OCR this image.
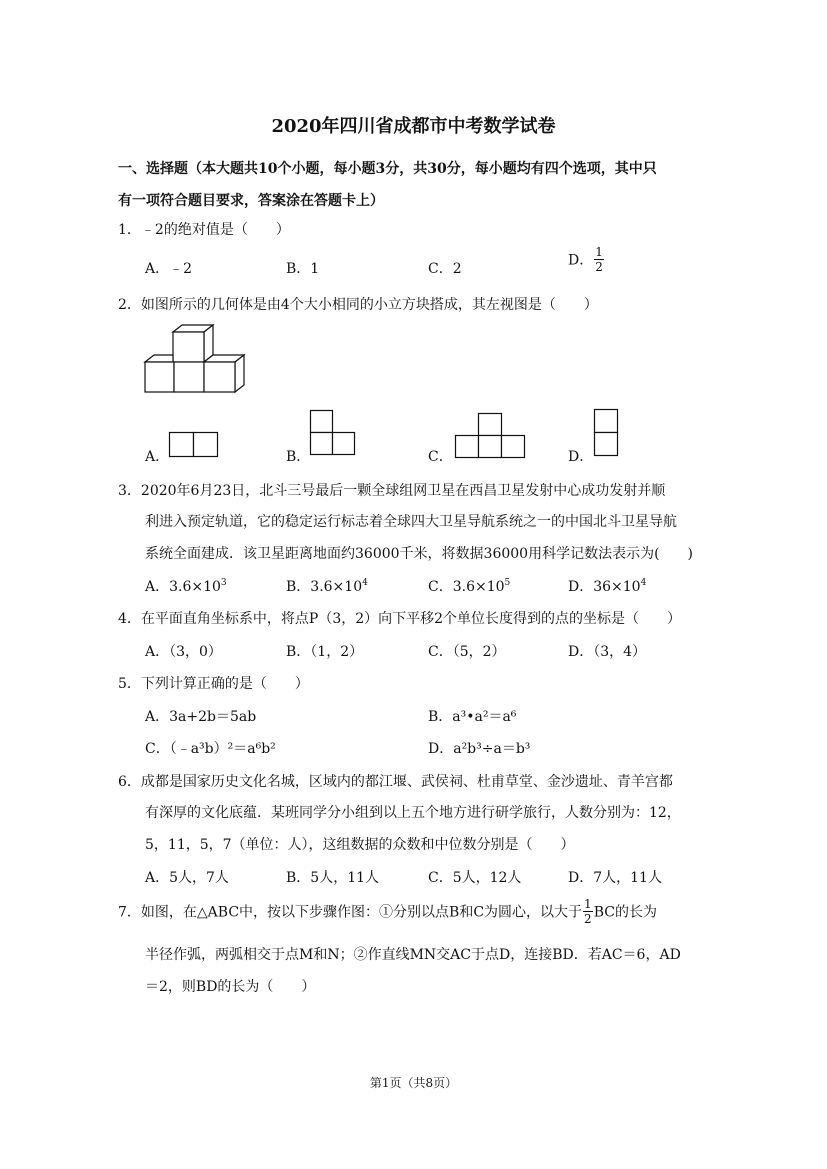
2020年四川省成都市中考数学试卷
一、选择题（本大题共10个小题，每小题3分，共30分，每小题均有四个选项，其中只
有一项符合题目要求，答案涂在答题卡上）
1．﹣2的绝对值是（　　）
A．﹣2	B．1	C．2
D． $\frac{1}{2}$
2．如图所示的几何体是由4个大小相同的小立方块搭成，其左视图是（　　）
A．	B．	C．	D．
3．2020年6月23日，北斗三号最后一颗全球组网卫星在西昌卫星发射中心成功发射并顺
利进入预定轨道，它的稳定运行标志着全球四大卫星导航系统之一的中国北斗卫星导航
系统全面建成．该卫星距离地面约36000千米，将数据36000用科学记数法表示为(　　)
A．$3.6\times 10^3$	B．$3.6\times 10^4$	C．$3.6\times 10^5$	D．$36\times 10^4$
4．在平面直角坐标系中，将点P（3，2）向下平移2个单位长度得到的点的坐标是（　　）
A．（3，0）	B．（1，2）	C．（5，2）	D．（3，4）
5．下列计算正确的是（　　）
A．3a+2b＝5ab	B．a³•a²＝a⁶
C．（﹣a³b）²＝a⁶b²	D．a²b³÷a＝b³
6．成都是国家历史文化名城，区域内的都江堰、武侯祠、杜甫草堂、金沙遗址、青羊宫都
有深厚的文化底蕴．某班同学分小组到以上五个地方进行研学旅行，人数分别为：12，
5，11，5，7（单位：人），这组数据的众数和中位数分别是（　　）
A．5人，7人	B．5人，11人	C．5人，12人	D．7人，11人
7．如图，在△ABC中，按以下步骤作图：①分别以点B和C为圆心，以大于 $\frac{1}{2}$ BC的长为
半径作弧，两弧相交于点M和N；②作直线MN交AC于点D，连接BD．若AC＝6，AD
＝2，则BD的长为（　　）
第1页（共8页）
